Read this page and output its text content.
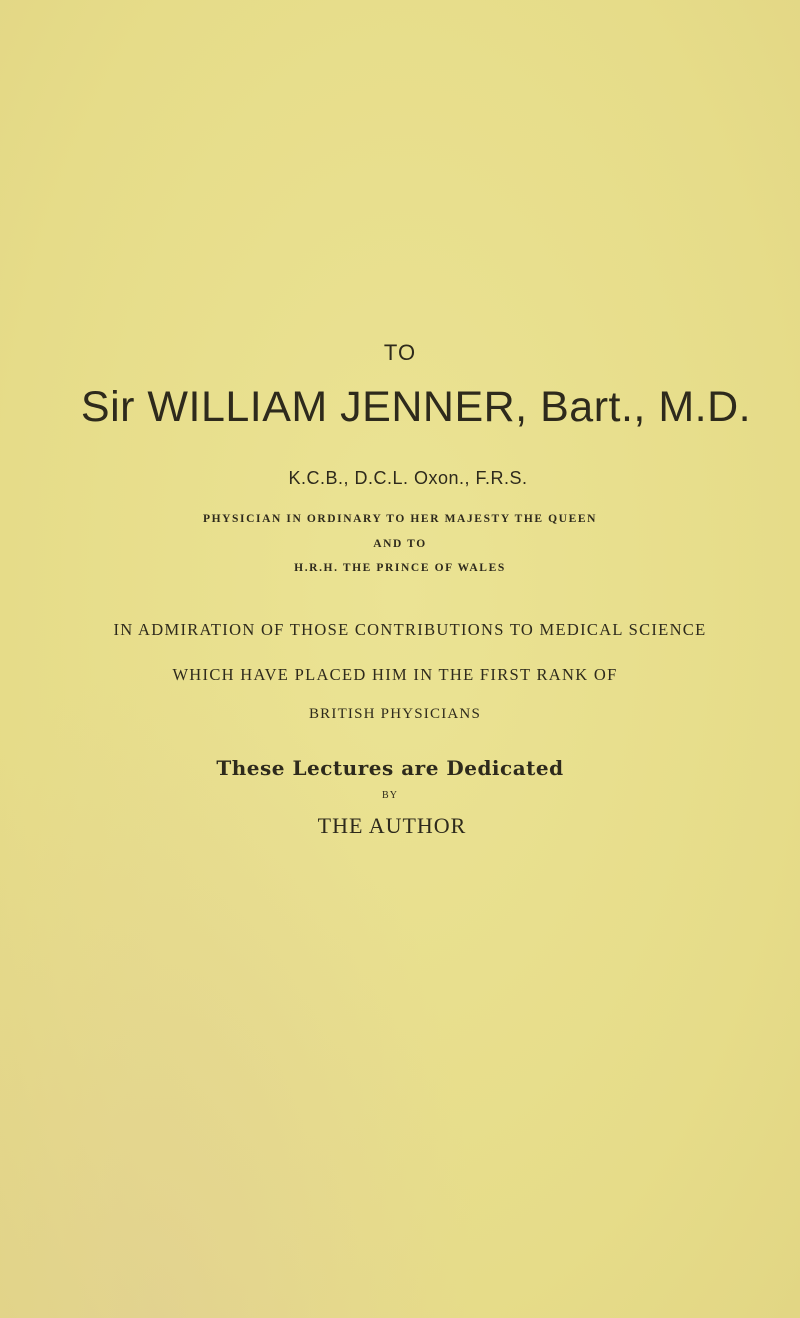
TO
Sir WILLIAM JENNER, Bart., M.D.
K.C.B., D.C.L. Oxon., F.R.S.
PHYSICIAN IN ORDINARY TO HER MAJESTY THE QUEEN
AND TO
H.R.H. THE PRINCE OF WALES
IN ADMIRATION OF THOSE CONTRIBUTIONS TO MEDICAL SCIENCE
WHICH HAVE PLACED HIM IN THE FIRST RANK OF
BRITISH PHYSICIANS
These Lectures are Dedicated
BY
THE AUTHOR
